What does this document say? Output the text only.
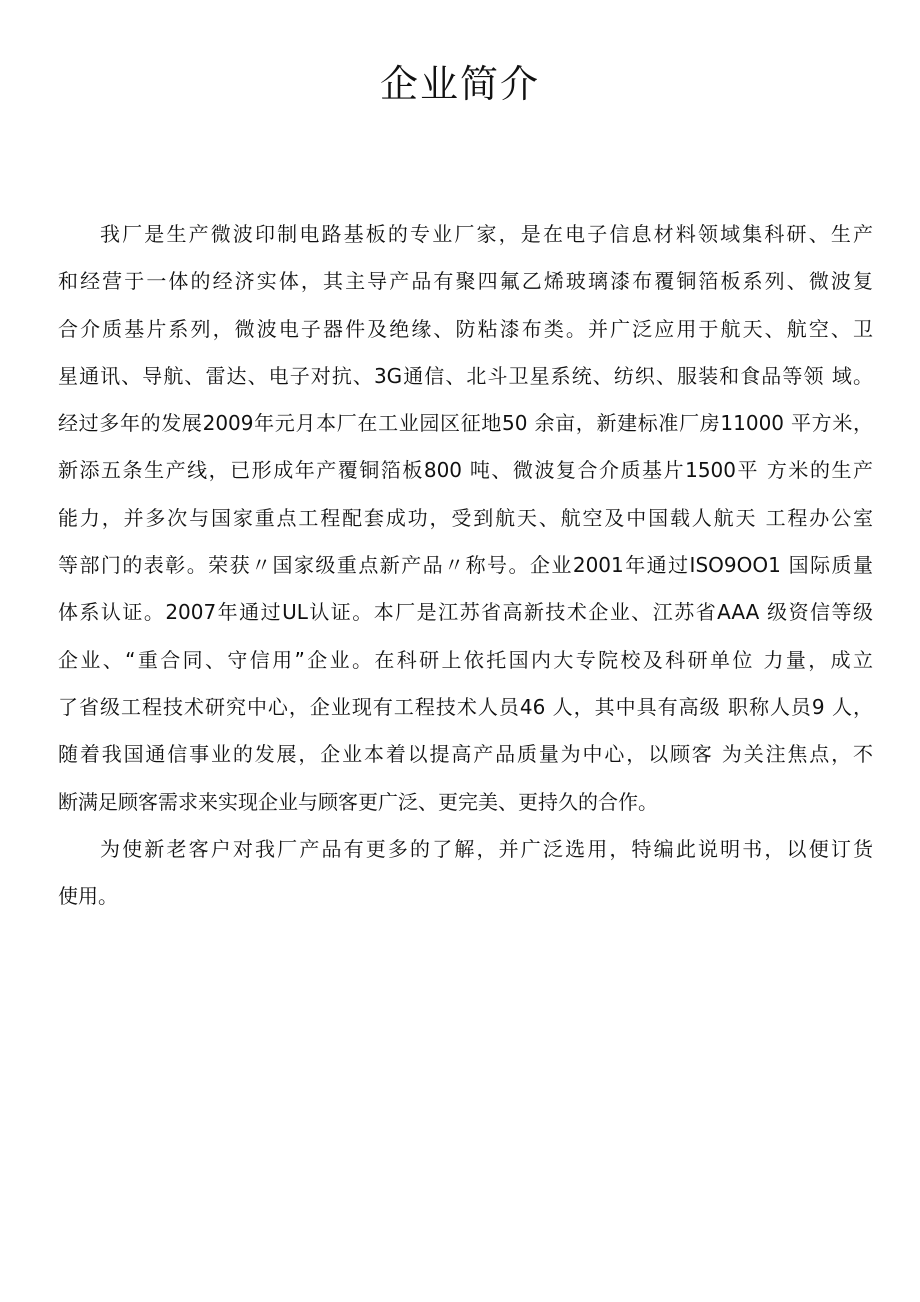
企业简介
我厂是生产微波印制电路基板的专业厂家，是在电子信息材料领域集科研、生产
和经营于一体的经济实体，其主导产品有聚四氟乙烯玻璃漆布覆铜箔板系列、微波复
合介质基片系列，微波电子器件及绝缘、防粘漆布类。并广泛应用于航天、航空、卫
星通讯、导航、雷达、电子对抗、3G通信、北斗卫星系统、纺织、服装和食品等领 域。
经过多年的发展2009年元月本厂在工业园区征地50 余亩，新建标准厂房11000 平方米，
新添五条生产线，已形成年产覆铜箔板800 吨、微波复合介质基片1500平 方米的生产
能力，并多次与国家重点工程配套成功，受到航天、航空及中国载人航天 工程办公室
等部门的表彰。荣获〃国家级重点新产品〃称号。企业2001年通过ISO9OO1 国际质量
体系认证。2007年通过UL认证。本厂是江苏省高新技术企业、江苏省AAA 级资信等级
企业、“重合同、守信用”企业。在科研上依托国内大专院校及科研单位 力量，成立
了省级工程技术研究中心，企业现有工程技术人员46 人，其中具有高级 职称人员9 人，
随着我国通信事业的发展，企业本着以提高产品质量为中心，以顾客 为关注焦点，不
断满足顾客需求来实现企业与顾客更广泛、更完美、更持久的合作。
为使新老客户对我厂产品有更多的了解，并广泛选用，特编此说明书，以便订货
使用。
